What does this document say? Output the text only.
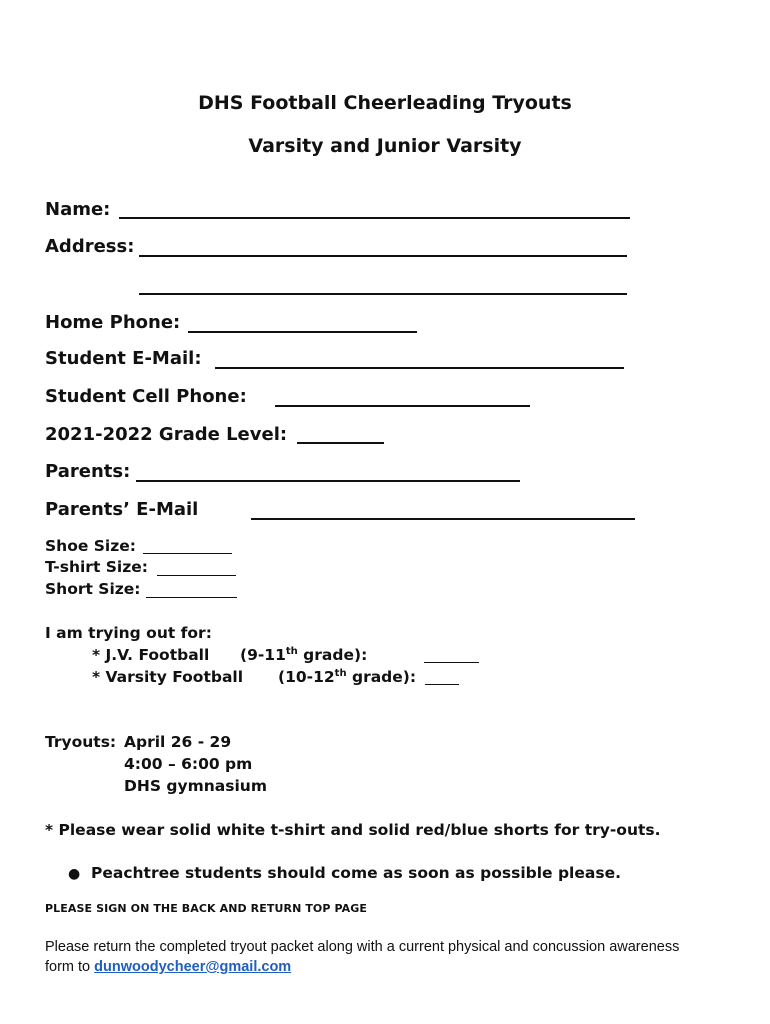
DHS Football Cheerleading Tryouts
Varsity and Junior Varsity
Name:
Address:
Home Phone:
Student E-Mail:
Student Cell Phone:
2021-2022 Grade Level:
Parents:
Parents’ E-Mail
Shoe Size:
T-shirt Size:
Short Size:
I am trying out for:
* J.V. Football (9-11th grade):
* Varsity Football (10-12th grade):
Tryouts: April 26 - 29
4:00 – 6:00 pm
DHS gymnasium
* Please wear solid white t-shirt and solid red/blue shorts for try-outs.
● Peachtree students should come as soon as possible please.
PLEASE SIGN ON THE BACK AND RETURN TOP PAGE
Please return the completed tryout packet along with a current physical and concussion awareness
form to dunwoodycheer@gmail.com
